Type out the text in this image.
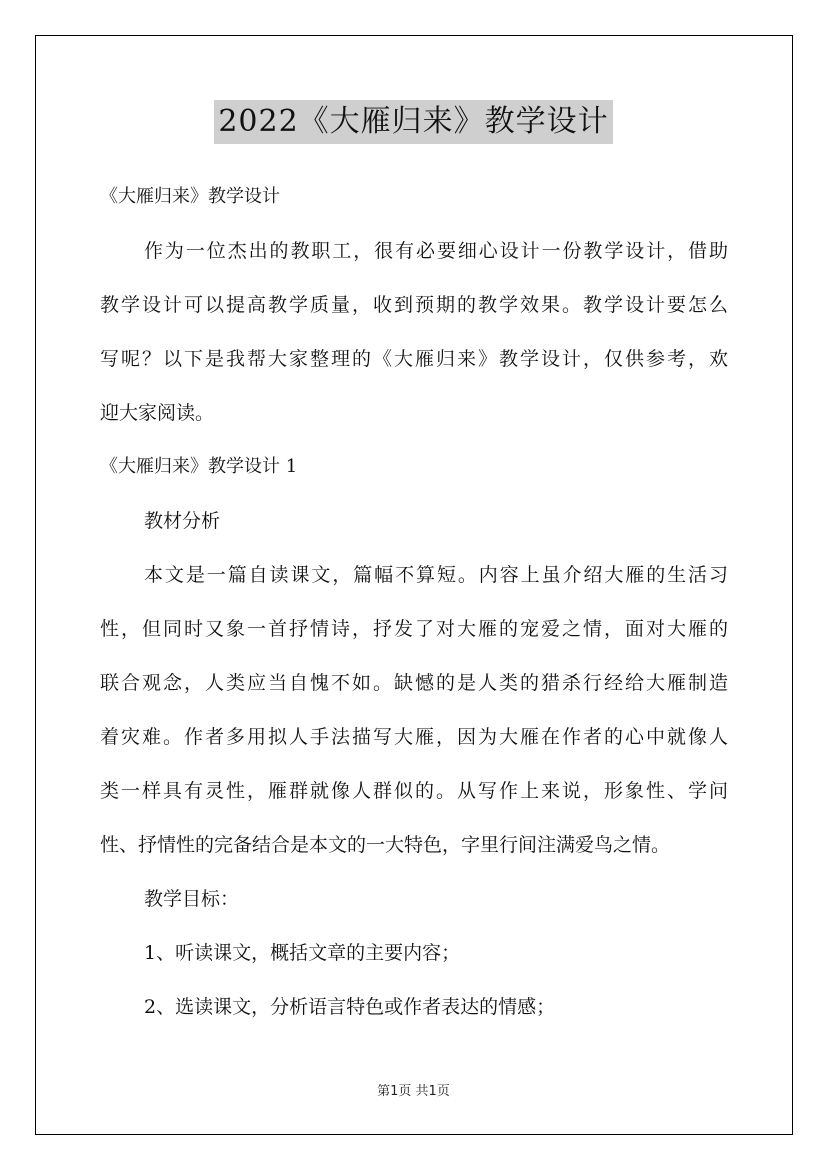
2022《大雁归来》教学设计
《大雁归来》教学设计
作为一位杰出的教职工，很有必要细心设计一份教学设计，借助
教学设计可以提高教学质量，收到预期的教学效果。教学设计要怎么
写呢？以下是我帮大家整理的《大雁归来》教学设计，仅供参考，欢
迎大家阅读。
《大雁归来》教学设计 1
教材分析
本文是一篇自读课文，篇幅不算短。内容上虽介绍大雁的生活习
性，但同时又象一首抒情诗，抒发了对大雁的宠爱之情，面对大雁的
联合观念，人类应当自愧不如。缺憾的是人类的猎杀行经给大雁制造
着灾难。作者多用拟人手法描写大雁，因为大雁在作者的心中就像人
类一样具有灵性，雁群就像人群似的。从写作上来说，形象性、学问
性、抒情性的完备结合是本文的一大特色，字里行间注满爱鸟之情。
教学目标：
1、听读课文，概括文章的主要内容；
2、选读课文，分析语言特色或作者表达的情感；
第1页 共1页
